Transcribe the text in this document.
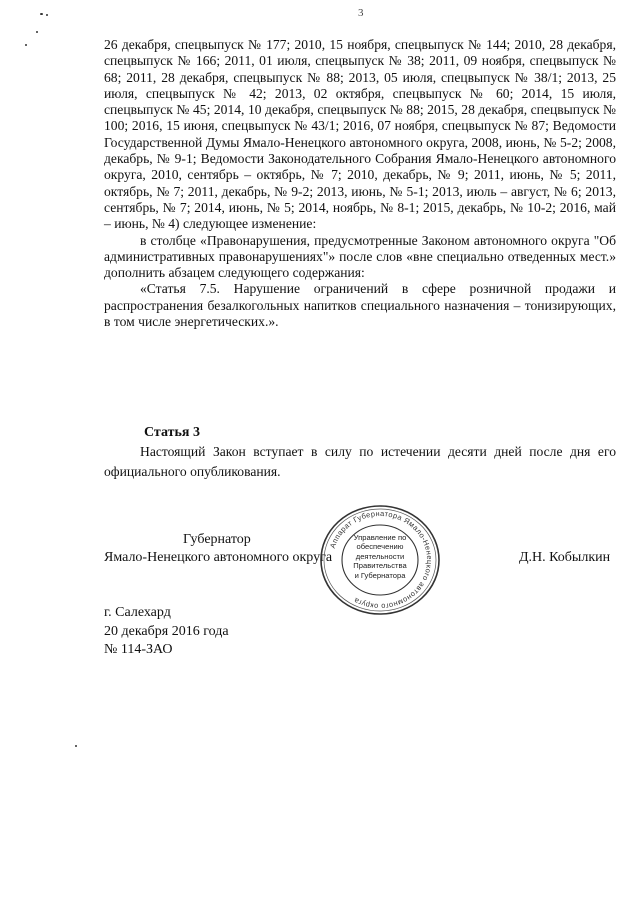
3

26 декабря, спецвыпуск № 177; 2010, 15 ноября, спецвыпуск № 144; 2010, 28 декабря, спецвыпуск № 166; 2011, 01 июля, спецвыпуск № 38; 2011, 09 ноября, спецвыпуск № 68; 2011, 28 декабря, спецвыпуск № 88; 2013, 05 июля, спецвыпуск № 38/1; 2013, 25 июля, спецвыпуск № 42; 2013, 02 октября, спецвыпуск № 60; 2014, 15 июля, спецвыпуск № 45; 2014, 10 декабря, спецвыпуск № 88; 2015, 28 декабря, спецвыпуск № 100; 2016, 15 июня, спецвыпуск № 43/1; 2016, 07 ноября, спецвыпуск № 87; Ведомости Государственной Думы Ямало-Ненецкого автономного округа, 2008, июнь, № 5-2; 2008, декабрь, № 9-1; Ведомости Законодательного Собрания Ямало-Ненецкого автономного округа, 2010, сентябрь – октябрь, № 7; 2010, декабрь, № 9; 2011, июнь, № 5; 2011, октябрь, № 7; 2011, декабрь, № 9-2; 2013, июнь, № 5-1; 2013, июль – август, № 6; 2013, сентябрь, № 7; 2014, июнь, № 5; 2014, ноябрь, № 8-1; 2015, декабрь, № 10-2; 2016, май – июнь, № 4) следующее изменение:

в столбце «Правонарушения, предусмотренные Законом автономного округа "Об административных правонарушениях"» после слов «вне специально отведенных мест.» дополнить абзацем следующего содержания:

«Статья 7.5. Нарушение ограничений в сфере розничной продажи и распространения безалкогольных напитков специального назначения – тонизирующих, в том числе энергетических.».

Статья 3

Настоящий Закон вступает в силу по истечении десяти дней после дня его официального опубликования.

Губернатор
Ямало-Ненецкого автономного округа	Д.Н. Кобылкин
Аппарат Губернатора Ямало-Ненецкого автономного округа
Управление по
обеспечению
деятельности
Правительства
и Губернатора
г. Салехард
20 декабря 2016 года
№ 114-ЗАО
